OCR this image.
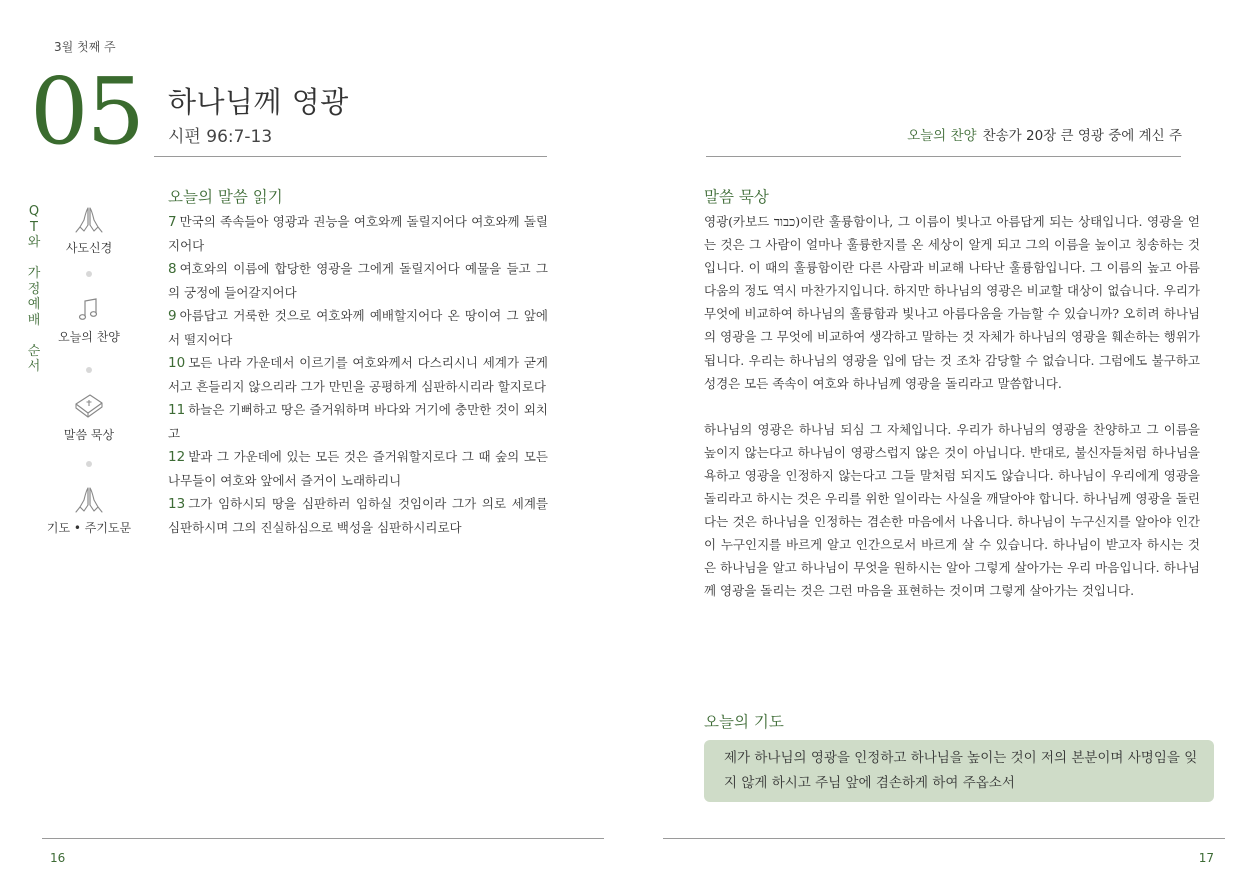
3월 첫째 주
05 하나님께 영광
시편 96:7-13	오늘의 찬양 찬송가 20장 큰 영광 중에 계신 주
Q
T
와

가
정
예
배

순
서
사도신경
오늘의 찬양
말씀 묵상
기도 • 주기도문
오늘의 말씀 읽기
7 만국의 족속들아 영광과 권능을 여호와께 돌릴지어다 여호와께 돌릴지어다
8 여호와의 이름에 합당한 영광을 그에게 돌릴지어다 예물을 들고 그의 궁정에 들어갈지어다
9 아름답고 거룩한 것으로 여호와께 예배할지어다 온 땅이여 그 앞에서 떨지어다
10 모든 나라 가운데서 이르기를 여호와께서 다스리시니 세계가 굳게 서고 흔들리지 않으리라 그가 만민을 공평하게 심판하시리라 할지로다
11 하늘은 기뻐하고 땅은 즐거워하며 바다와 거기에 충만한 것이 외치고
12 밭과 그 가운데에 있는 모든 것은 즐거워할지로다 그 때 숲의 모든 나무들이 여호와 앞에서 즐거이 노래하리니
13 그가 임하시되 땅을 심판하러 임하실 것임이라 그가 의로 세계를 심판하시며 그의 진실하심으로 백성을 심판하시리로다
말씀 묵상

영광(카보드 כבוד)이란 훌륭함이나, 그 이름이 빛나고 아름답게 되는 상태입니다. 영광을 얻는 것은 그 사람이 얼마나 훌륭한지를 온 세상이 알게 되고 그의 이름을 높이고 칭송하는 것입니다. 이 때의 훌륭함이란 다른 사람과 비교해 나타난 훌륭함입니다. 그 이름의 높고 아름다움의 정도 역시 마찬가지입니다. 하지만 하나님의 영광은 비교할 대상이 없습니다. 우리가 무엇에 비교하여 하나님의 훌륭함과 빛나고 아름다움을 가늠할 수 있습니까? 오히려 하나님의 영광을 그 무엇에 비교하여 생각하고 말하는 것 자체가 하나님의 영광을 훼손하는 행위가 됩니다. 우리는 하나님의 영광을 입에 담는 것 조차 감당할 수 없습니다. 그럼에도 불구하고 성경은 모든 족속이 여호와 하나님께 영광을 돌리라고 말씀합니다.

하나님의 영광은 하나님 되심 그 자체입니다. 우리가 하나님의 영광을 찬양하고 그 이름을 높이지 않는다고 하나님이 영광스럽지 않은 것이 아닙니다. 반대로, 불신자들처럼 하나님을 욕하고 영광을 인정하지 않는다고 그들 말처럼 되지도 않습니다. 하나님이 우리에게 영광을 돌리라고 하시는 것은 우리를 위한 일이라는 사실을 깨달아야 합니다. 하나님께 영광을 돌린다는 것은 하나님을 인정하는 겸손한 마음에서 나옵니다. 하나님이 누구신지를 알아야 인간이 누구인지를 바르게 알고 인간으로서 바르게 살 수 있습니다. 하나님이 받고자 하시는 것은 하나님을 알고 하나님이 무엇을 원하시는 알아 그렇게 살아가는 우리 마음입니다. 하나님께 영광을 돌리는 것은 그런 마음을 표현하는 것이며 그렇게 살아가는 것입니다.

오늘의 기도
제가 하나님의 영광을 인정하고 하나님을 높이는 것이 저의 본분이며 사명임을 잊지 않게 하시고 주님 앞에 겸손하게 하여 주옵소서
16	17
